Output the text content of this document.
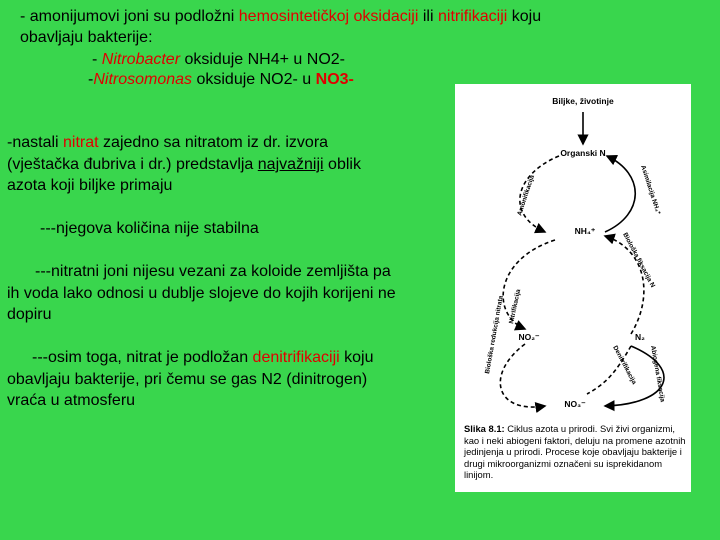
- amonijumovi joni su podložni hemosintetičkoj oksidaciji ili nitrifikaciji koju
obavljaju bakterije:
- Nitrobacter oksiduje NH4+ u NO2-
-Nitrosomonas oksiduje NO2- u NO3-
-nastali nitrat zajedno sa nitratom iz dr. izvora
(vještačka đubriva i dr.) predstavlja najvažniji oblik
azota koji biljke primaju
---njegova količina nije stabilna
---nitratni joni nijesu vezani za koloide zemljišta pa
ih voda lako odnosi u dublje slojeve do kojih korijeni ne
dopiru
---osim toga, nitrat je podložan denitrifikaciji koju
obavljaju bakterije, pri čemu se gas N2 (dinitrogen)
vraća u atmosferu
Biljke, životinje
Organski N
NH₄⁺
NO₂⁻	N₂
NO₃⁻
Amonifikacija	Asimilacija NH₄⁺
Nitrifikacija
Biološka fiksacija N
Biološka redukcija nitrata	Denitrifikacija Abiogena fiksacija
Slika 8.1: Ciklus azota u prirodi. Svi živi organizmi, kao i neki abiogeni faktori, deluju na promene azotnih jedinjenja u prirodi. Procese koje obavljaju bakterije i drugi mikroorganizmi označeni su isprekidanom linijom.
